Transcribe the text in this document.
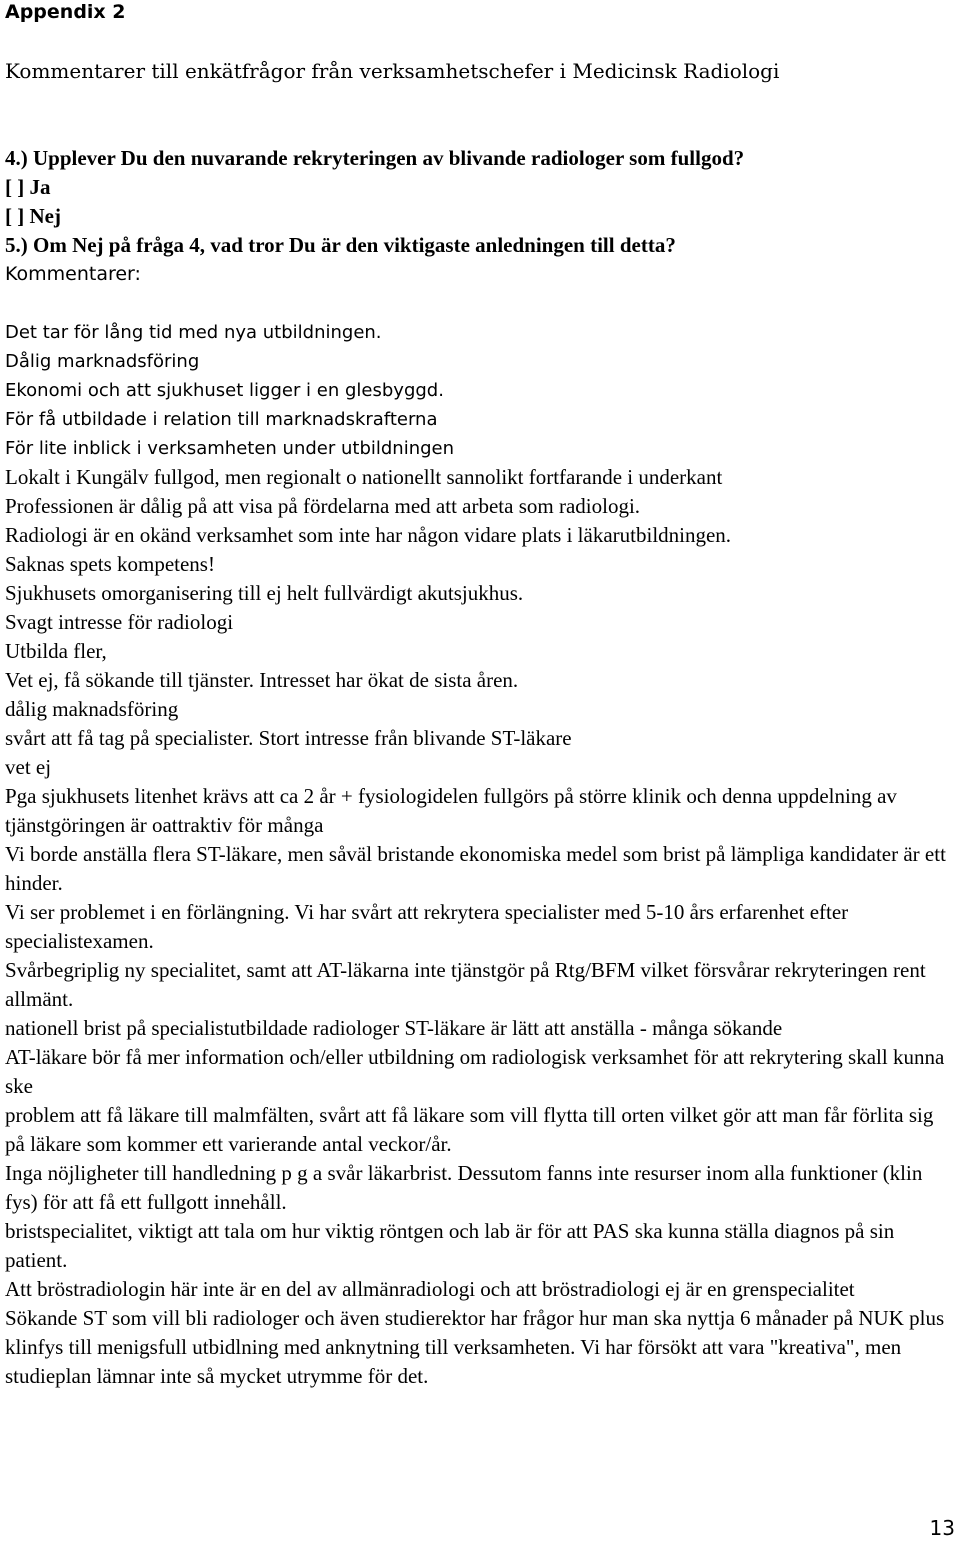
Appendix 2
Kommentarer till enkätfrågor från verksamhetschefer i Medicinsk Radiologi
4.) Upplever Du den nuvarande rekryteringen av blivande radiologer som fullgod?
[ ] Ja
[ ] Nej
5.) Om Nej på fråga 4, vad tror Du är den viktigaste anledningen till detta?
Kommentarer:
Det tar för lång tid med nya utbildningen.
Dålig marknadsföring
Ekonomi och att sjukhuset ligger i en glesbyggd.
För få utbildade i relation till marknadskrafterna
För lite inblick i verksamheten under utbildningen
Lokalt i Kungälv fullgod, men regionalt o nationellt sannolikt fortfarande i underkant
Professionen är dålig på att visa på fördelarna med att arbeta som radiologi.
Radiologi är en okänd verksamhet som inte har någon vidare plats i läkarutbildningen.
Saknas spets kompetens!
Sjukhusets omorganisering till ej helt fullvärdigt akutsjukhus.
Svagt intresse för radiologi
Utbilda fler,
Vet ej, få sökande till tjänster. Intresset har ökat de sista åren.
dålig maknadsföring
svårt att få tag på specialister. Stort intresse från blivande ST-läkare
vet ej
Pga sjukhusets litenhet krävs att ca 2 år + fysiologidelen fullgörs på större klinik och denna uppdelning av tjänstgöringen är oattraktiv för många
Vi borde anställa flera ST-läkare, men såväl bristande ekonomiska medel som brist på lämpliga kandidater är ett hinder.
Vi ser problemet i en förlängning. Vi har svårt att rekrytera specialister med 5-10 års erfarenhet efter specialistexamen.
Svårbegriplig ny specialitet, samt att AT-läkarna inte tjänstgör på Rtg/BFM vilket försvårar rekryteringen rent allmänt.
nationell brist på specialistutbildade radiologer ST-läkare är lätt att anställa - många sökande
AT-läkare bör få mer information och/eller utbildning om radiologisk verksamhet för att rekrytering skall kunna ske
problem att få läkare till malmfälten, svårt att få läkare som vill flytta till orten vilket gör att man får förlita sig på läkare som kommer ett varierande antal veckor/år.
Inga nöjligheter till handledning p g a svår läkarbrist. Dessutom fanns inte resurser inom alla funktioner (klin fys) för att få ett fullgott innehåll.
bristspecialitet, viktigt att tala om hur viktig röntgen och lab är för att PAS ska kunna ställa diagnos på sin patient.
Att bröstradiologin här inte är en del av allmänradiologi och att bröstradiologi ej är en grenspecialitet
Sökande ST som vill bli radiologer och även studierektor har frågor hur man ska nyttja 6 månader på NUK plus klinfys till menigsfull utbidlning med anknytning till verksamheten. Vi har försökt att vara "kreativa", men studieplan lämnar inte så mycket utrymme för det.
13
